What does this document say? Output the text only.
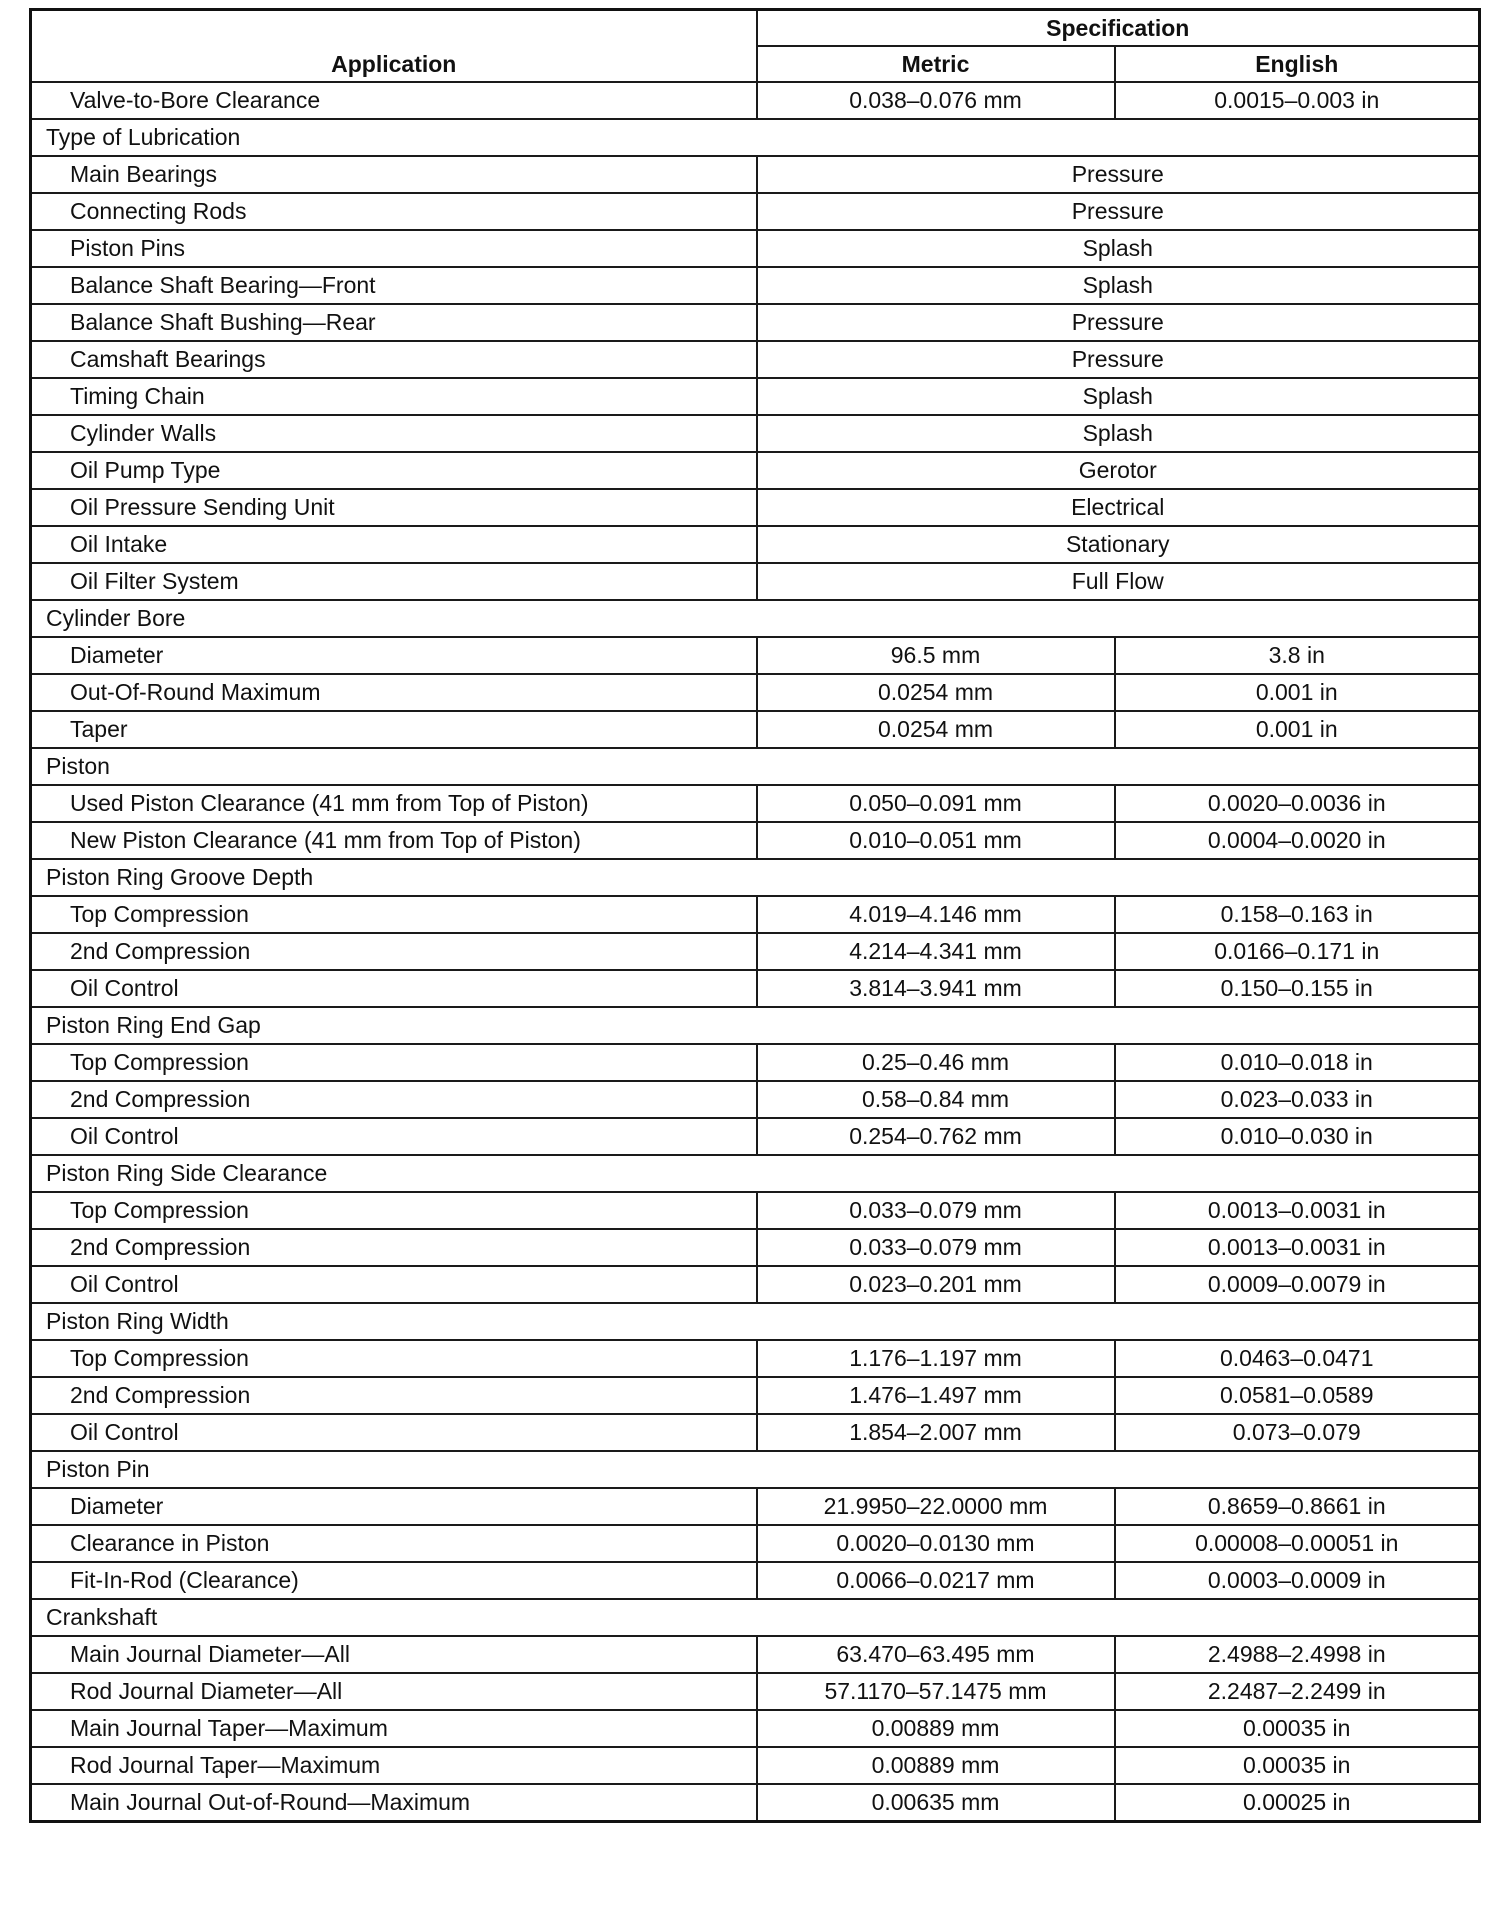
Application	Specification	
	Metric	English
Valve-to-Bore Clearance	0.038–0.076 mm	0.0015–0.003 in
Type of Lubrication		
Main Bearings	Pressure	
Connecting Rods	Pressure	
Piston Pins	Splash	
Balance Shaft Bearing—Front	Splash	
Balance Shaft Bushing—Rear	Pressure	
Camshaft Bearings	Pressure	
Timing Chain	Splash	
Cylinder Walls	Splash	
Oil Pump Type	Gerotor	
Oil Pressure Sending Unit	Electrical	
Oil Intake	Stationary	
Oil Filter System	Full Flow	
Cylinder Bore		
Diameter	96.5 mm	3.8 in
Out-Of-Round Maximum	0.0254 mm	0.001 in
Taper	0.0254 mm	0.001 in
Piston		
Used Piston Clearance (41 mm from Top of Piston)	0.050–0.091 mm	0.0020–0.0036 in
New Piston Clearance (41 mm from Top of Piston)	0.010–0.051 mm	0.0004–0.0020 in
Piston Ring Groove Depth		
Top Compression	4.019–4.146 mm	0.158–0.163 in
2nd Compression	4.214–4.341 mm	0.0166–0.171 in
Oil Control	3.814–3.941 mm	0.150–0.155 in
Piston Ring End Gap		
Top Compression	0.25–0.46 mm	0.010–0.018 in
2nd Compression	0.58–0.84 mm	0.023–0.033 in
Oil Control	0.254–0.762 mm	0.010–0.030 in
Piston Ring Side Clearance		
Top Compression	0.033–0.079 mm	0.0013–0.0031 in
2nd Compression	0.033–0.079 mm	0.0013–0.0031 in
Oil Control	0.023–0.201 mm	0.0009–0.0079 in
Piston Ring Width		
Top Compression	1.176–1.197 mm	0.0463–0.0471
2nd Compression	1.476–1.497 mm	0.0581–0.0589
Oil Control	1.854–2.007 mm	0.073–0.079
Piston Pin		
Diameter	21.9950–22.0000 mm	0.8659–0.8661 in
Clearance in Piston	0.0020–0.0130 mm	0.00008–0.00051 in
Fit-In-Rod (Clearance)	0.0066–0.0217 mm	0.0003–0.0009 in
Crankshaft		
Main Journal Diameter—All	63.470–63.495 mm	2.4988–2.4998 in
Rod Journal Diameter—All	57.1170–57.1475 mm	2.2487–2.2499 in
Main Journal Taper—Maximum	0.00889 mm	0.00035 in
Rod Journal Taper—Maximum	0.00889 mm	0.00035 in
Main Journal Out-of-Round—Maximum	0.00635 mm	0.00025 in
